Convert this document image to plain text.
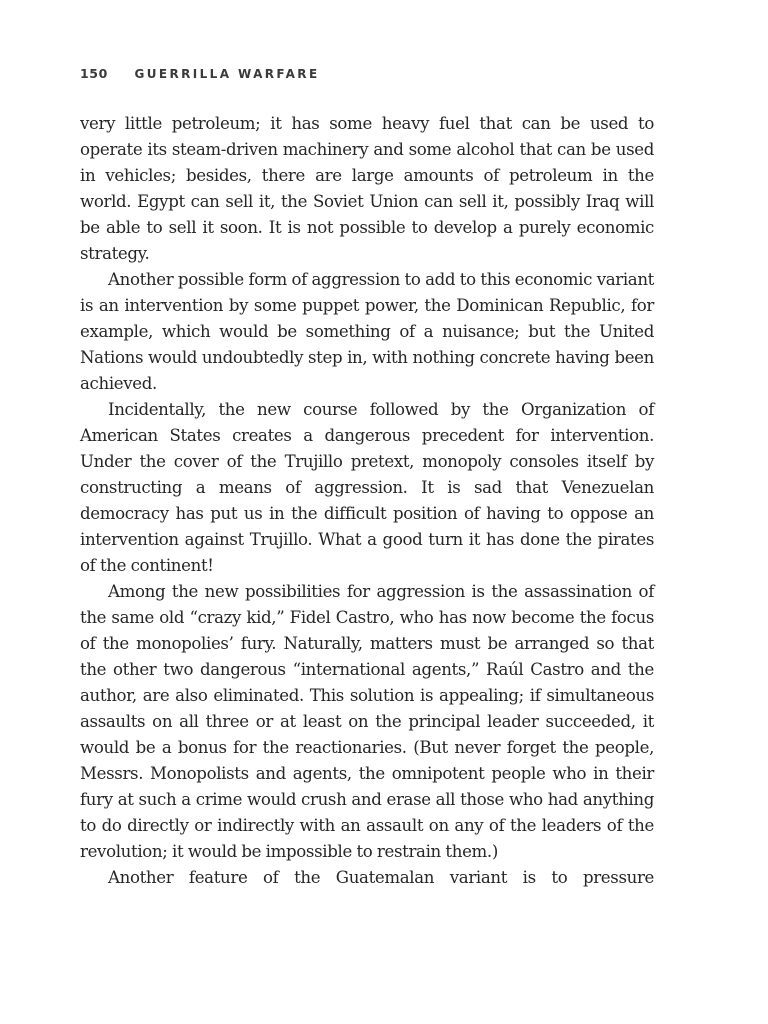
150 GUERRILLA WARFARE

very little petroleum; it has some heavy fuel that can be used to operate its steam-driven machinery and some alcohol that can be used in vehicles; besides, there are large amounts of petroleum in the world. Egypt can sell it, the Soviet Union can sell it, possibly Iraq will be able to sell it soon. It is not possible to develop a purely economic strategy.

Another possible form of aggression to add to this economic variant is an intervention by some puppet power, the Dominican Republic, for example, which would be something of a nuisance; but the United Nations would undoubtedly step in, with nothing concrete having been achieved.

Incidentally, the new course followed by the Organization of American States creates a dangerous precedent for intervention. Under the cover of the Trujillo pretext, monopoly consoles itself by constructing a means of aggression. It is sad that Venezuelan democracy has put us in the difficult position of having to oppose an intervention against Trujillo. What a good turn it has done the pirates of the continent!

Among the new possibilities for aggression is the assassination of the same old “crazy kid,” Fidel Castro, who has now become the focus of the monopolies’ fury. Naturally, matters must be arranged so that the other two dangerous “international agents,” Raúl Castro and the author, are also eliminated. This solution is appealing; if simultaneous assaults on all three or at least on the principal leader succeeded, it would be a bonus for the reactionaries. (But never forget the people, Messrs. Monopolists and agents, the omnipotent people who in their fury at such a crime would crush and erase all those who had anything to do directly or indirectly with an assault on any of the leaders of the revolution; it would be impossible to restrain them.)

Another feature of the Guatemalan variant is to pressure
